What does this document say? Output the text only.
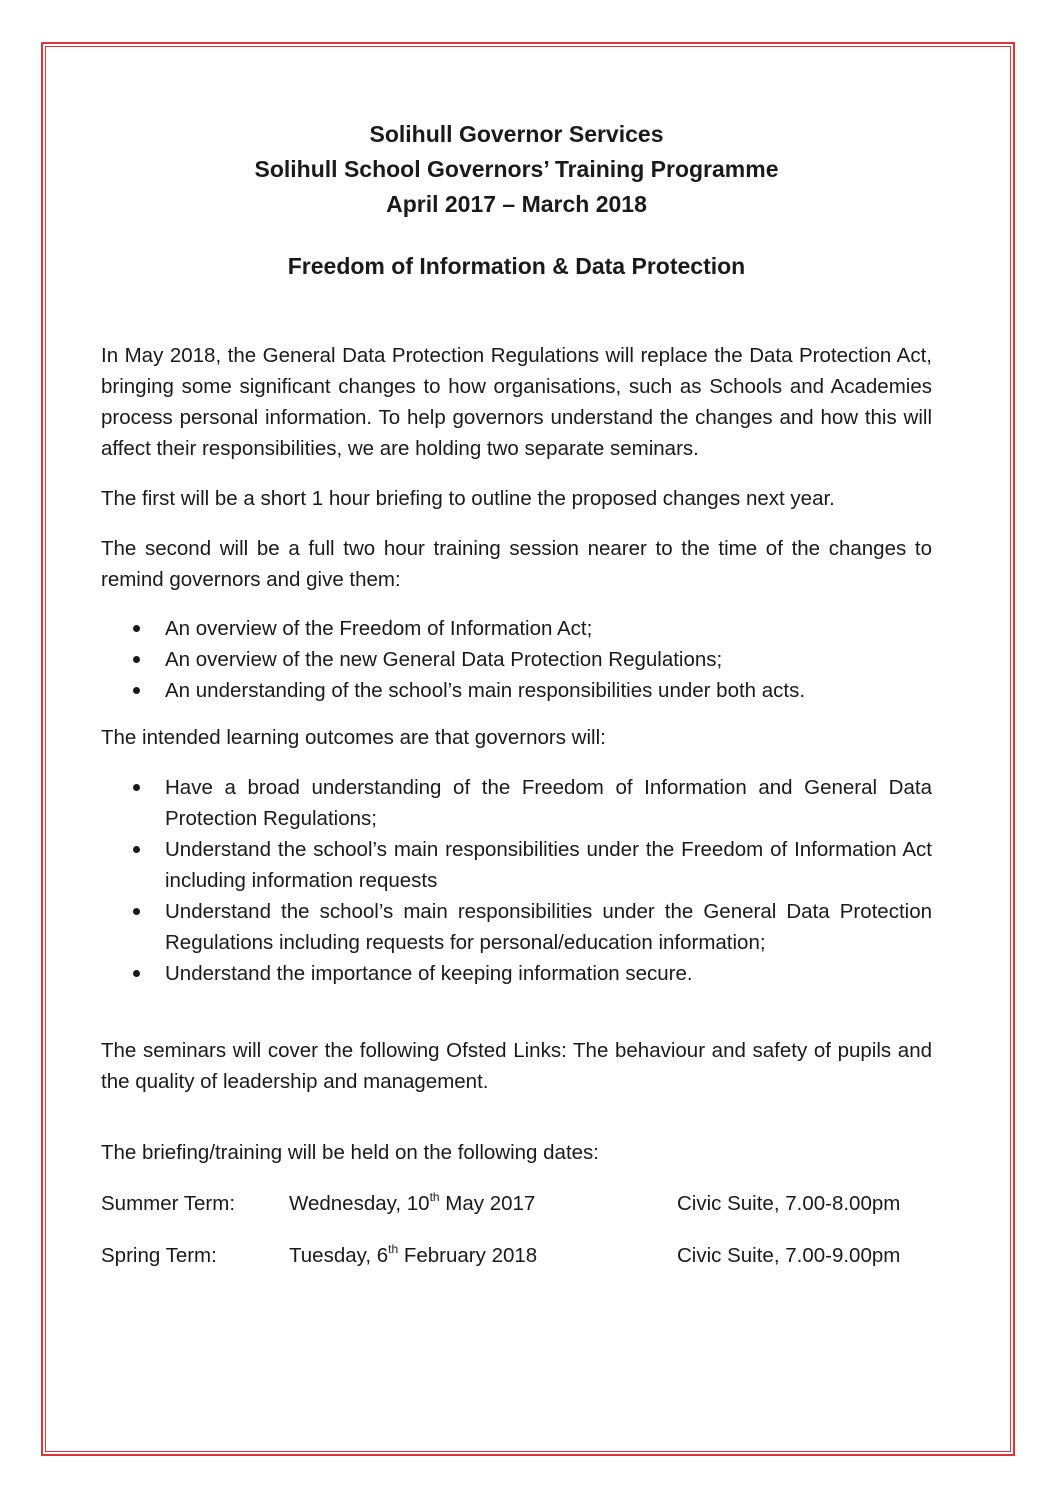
Solihull Governor Services
Solihull School Governors’ Training Programme
April 2017 – March 2018
Freedom of Information & Data Protection

In May 2018, the General Data Protection Regulations will replace the Data Protection Act, bringing some significant changes to how organisations, such as Schools and Academies process personal information. To help governors understand the changes and how this will affect their responsibilities, we are holding two separate seminars.

The first will be a short 1 hour briefing to outline the proposed changes next year.

The second will be a full two hour training session nearer to the time of the changes to remind governors and give them:

An overview of the Freedom of Information Act;
An overview of the new General Data Protection Regulations;
An understanding of the school’s main responsibilities under both acts.

The intended learning outcomes are that governors will:

Have a broad understanding of the Freedom of Information and General Data Protection Regulations;
Understand the school’s main responsibilities under the Freedom of Information Act including information requests
Understand the school’s main responsibilities under the General Data Protection Regulations including requests for personal/education information;
Understand the importance of keeping information secure.

The seminars will cover the following Ofsted Links: The behaviour and safety of pupils and the quality of leadership and management.

The briefing/training will be held on the following dates:

Summer Term:	Wednesday, 10th May 2017	Civic Suite, 7.00-8.00pm
Spring Term:	Tuesday, 6th February 2018	Civic Suite, 7.00-9.00pm
